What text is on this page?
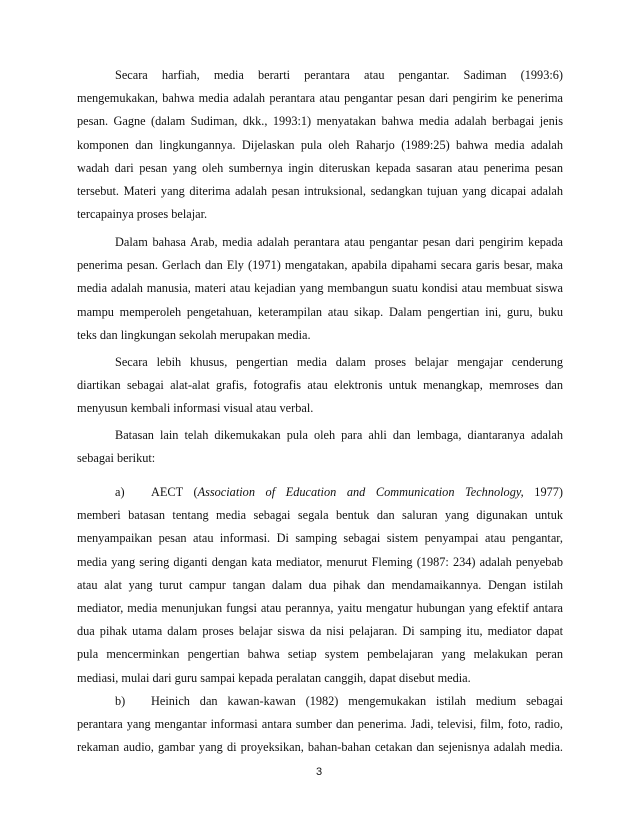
Secara harfiah, media berarti perantara atau pengantar. Sadiman (1993:6)
mengemukakan, bahwa media adalah perantara atau pengantar pesan dari pengirim ke penerima
pesan. Gagne (dalam Sudiman, dkk., 1993:1) menyatakan bahwa media adalah berbagai jenis
komponen dan lingkungannya. Dijelaskan pula oleh Raharjo (1989:25) bahwa media adalah
wadah dari pesan yang oleh sumbernya ingin diteruskan kepada sasaran atau penerima pesan
tersebut. Materi yang diterima adalah pesan intruksional, sedangkan tujuan yang dicapai adalah
tercapainya proses belajar.
Dalam bahasa Arab, media adalah perantara atau pengantar pesan dari pengirim kepada
penerima pesan. Gerlach dan Ely (1971) mengatakan, apabila dipahami secara garis besar, maka
media adalah manusia, materi atau kejadian yang membangun suatu kondisi atau membuat siswa
mampu memperoleh pengetahuan, keterampilan atau sikap. Dalam pengertian ini, guru, buku
teks dan lingkungan sekolah merupakan media.
Secara lebih khusus, pengertian media dalam proses belajar mengajar cenderung
diartikan sebagai alat-alat grafis, fotografis atau elektronis untuk menangkap, memroses dan
menyusun kembali informasi visual atau verbal.
Batasan lain telah dikemukakan pula oleh para ahli dan lembaga, diantaranya adalah
sebagai berikut:
a) AECT (Association of Education and Communication Technology, 1977)
memberi batasan tentang media sebagai segala bentuk dan saluran yang digunakan untuk
menyampaikan pesan atau informasi. Di samping sebagai sistem penyampai atau pengantar,
media yang sering diganti dengan kata mediator, menurut Fleming (1987: 234) adalah penyebab
atau alat yang turut campur tangan dalam dua pihak dan mendamaikannya. Dengan istilah
mediator, media menunjukan fungsi atau perannya, yaitu mengatur hubungan yang efektif antara
dua pihak utama dalam proses belajar siswa da nisi pelajaran. Di samping itu, mediator dapat
pula mencerminkan pengertian bahwa setiap system pembelajaran yang melakukan peran
mediasi, mulai dari guru sampai kepada peralatan canggih, dapat disebut media.
b) Heinich dan kawan-kawan (1982) mengemukakan istilah medium sebagai
perantara yang mengantar informasi antara sumber dan penerima. Jadi, televisi, film, foto, radio,
rekaman audio, gambar yang di proyeksikan, bahan-bahan cetakan dan sejenisnya adalah media.
3
